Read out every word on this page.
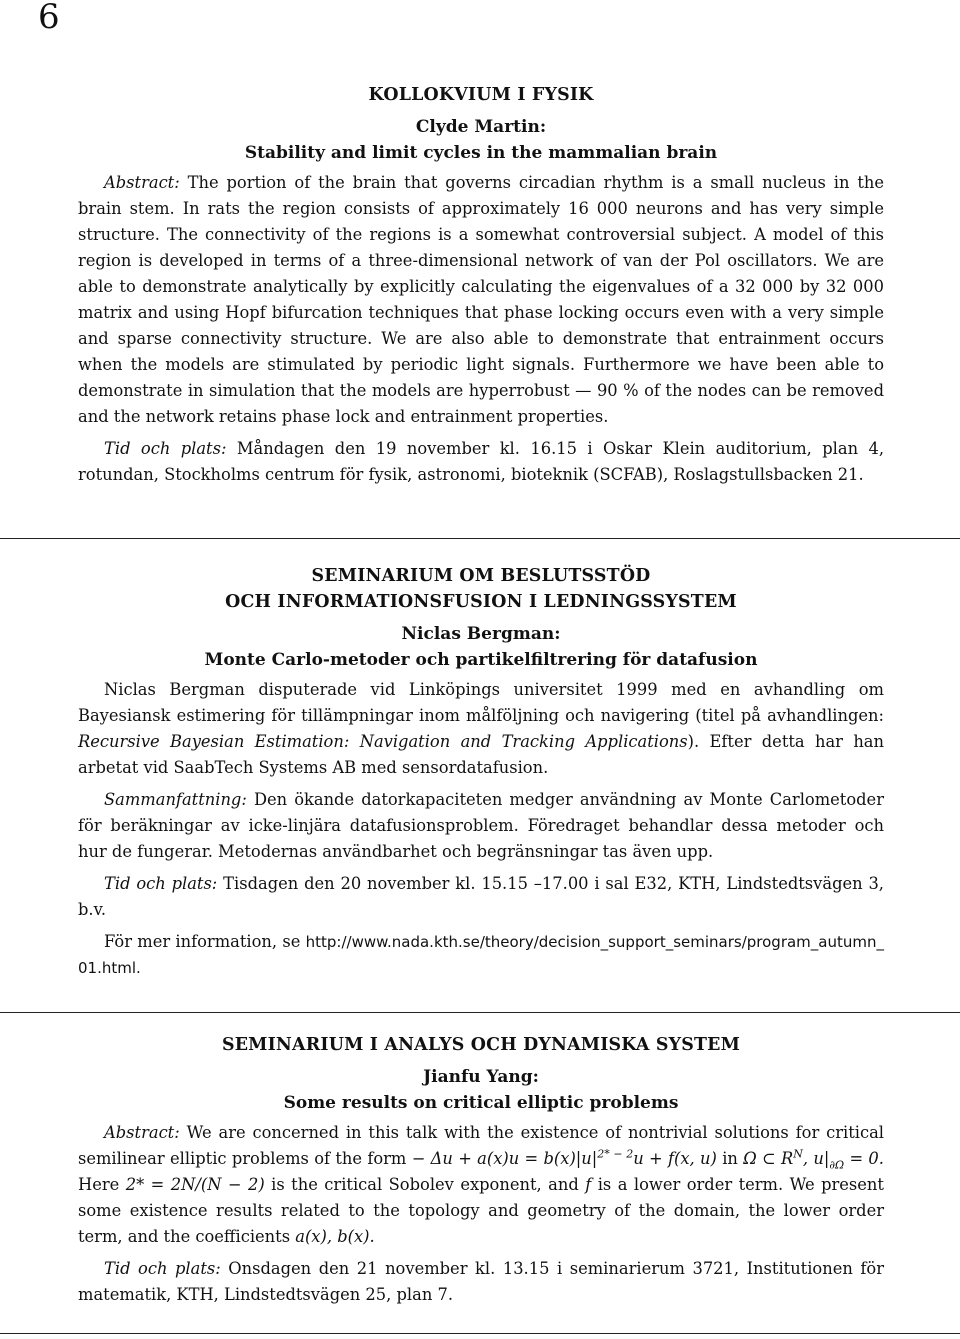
6
KOLLOKVIUM I FYSIK
Clyde Martin:
Stability and limit cycles in the mammalian brain

Abstract: The portion of the brain that governs circadian rhythm is a small nucleus in the brain stem. In rats the region consists of approximately 16 000 neurons and has very simple structure. The connectivity of the regions is a somewhat controversial subject. A model of this region is developed in terms of a three-dimensional network of van der Pol oscillators. We are able to demonstrate analytically by explicitly calculating the eigenvalues of a 32 000 by 32 000 matrix and using Hopf bifurcation techniques that phase locking occurs even with a very simple and sparse connectivity structure. We are also able to demonstrate that entrainment occurs when the models are stimulated by periodic light signals. Furthermore we have been able to demonstrate in simulation that the models are hyperrobust — 90 % of the nodes can be removed and the network retains phase lock and entrainment properties.

Tid och plats: Måndagen den 19 november kl. 16.15 i Oskar Klein auditorium, plan 4, rotundan, Stockholms centrum för fysik, astronomi, bioteknik (SCFAB), Roslagstullsbacken 21.

SEMINARIUM OM BESLUTSSTÖD
OCH INFORMATIONSFUSION I LEDNINGSSYSTEM
Niclas Bergman:
Monte Carlo-metoder och partikelfiltrering för datafusion

Niclas Bergman disputerade vid Linköpings universitet 1999 med en avhandling om Bayesiansk estimering för tillämpningar inom målföljning och navigering (titel på avhandlingen: Recursive Bayesian Estimation: Navigation and Tracking Applications). Efter detta har han arbetat vid SaabTech Systems AB med sensordatafusion.

Sammanfattning: Den ökande datorkapaciteten medger användning av Monte Carlometoder för beräkningar av icke-linjära datafusionsproblem. Föredraget behandlar dessa metoder och hur de fungerar. Metodernas användbarhet och begränsningar tas även upp.

Tid och plats: Tisdagen den 20 november kl. 15.15 –17.00 i sal E32, KTH, Lindstedtsvägen 3, b.v.

För mer information, se http://www.nada.kth.se/theory/decision_support_seminars/program_autumn_01.html.

SEMINARIUM I ANALYS OCH DYNAMISKA SYSTEM
Jianfu Yang:
Some results on critical elliptic problems

Abstract: We are concerned in this talk with the existence of nontrivial solutions for critical semilinear elliptic problems of the form − $\Delta u + a(x)u = b(x)|u|^{2* - 2}u + f(x$, u) in Ω ⊂ $R^N$, $u|_{\partial\Omega} = 0$. Here 2* = 2N/(N − 2) is the critical Sobolev exponent, and f is a lower order term. We present some existence results related to the topology and geometry of the domain, the lower order term, and the coefficients a(x), b(x).

Tid och plats: Onsdagen den 21 november kl. 13.15 i seminarierum 3721, Institutionen för matematik, KTH, Lindstedtsvägen 25, plan 7.
